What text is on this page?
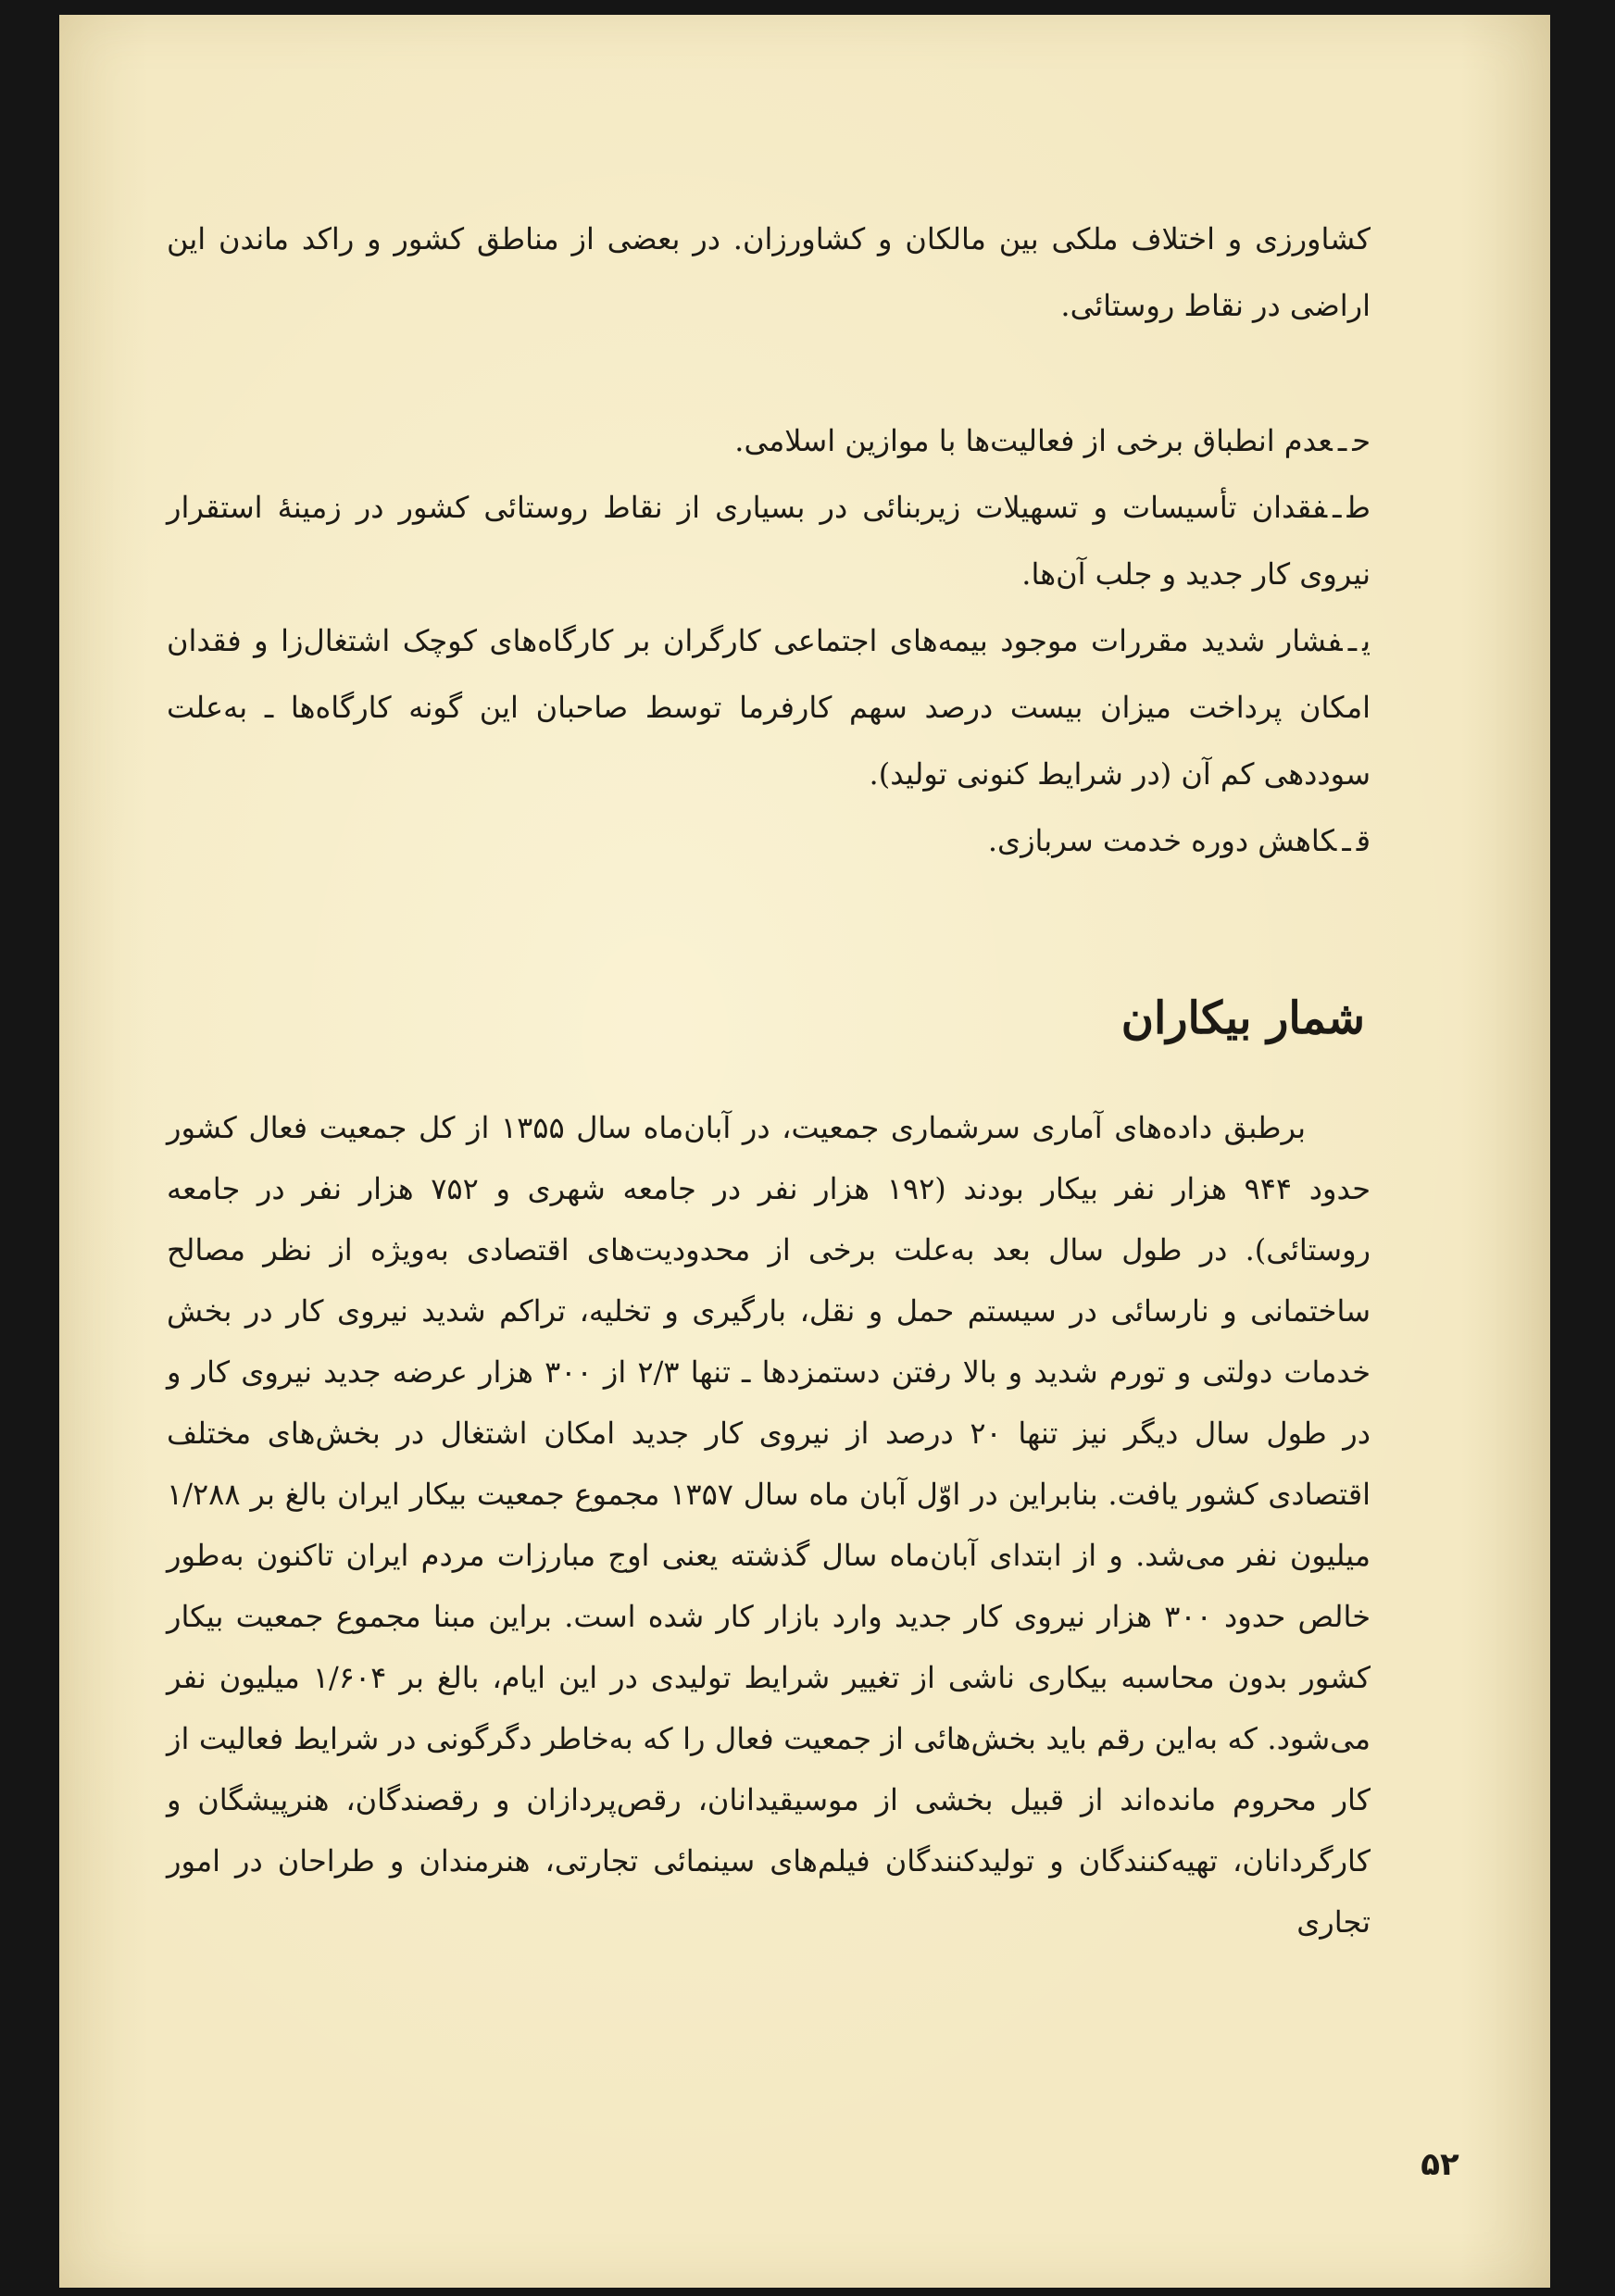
کشاورزی و اختلاف ملکی بین مالکان و کشاورزان. در بعضی از مناطق کشور و راکد ماندن این اراضی در نقاط روستائی.

حـعدم انطباق برخی از فعالیت‌ها با موازین اسلامی.

طـفقدان تأسیسات و تسهیلات زیربنائی در بسیاری از نقاط روستائی کشور در زمینهٔ استقرار نیروی کار جدید و جلب آن‌ها.

یـفشار شدید مقررات موجود بیمه‌های اجتماعی کارگران بر کارگاه‌های کوچک اشتغال‌زا و فقدان امکان پرداخت میزان بیست درصد سهم کارفرما توسط صاحبان این گونه کارگاه‌ها ـ به‌علت سوددهی کم آن (در شرایط کنونی تولید).

قـکاهش دوره خدمت سربازی.

شمار بیکاران

برطبق داده‌های آماری سرشماری جمعیت، در آبان‌ماه سال ۱۳۵۵ از کل جمعیت فعال کشور حدود ۹۴۴ هزار نفر بیکار بودند (۱۹۲ هزار نفر در جامعه شهری و ۷۵۲ هزار نفر در جامعه روستائی). در طول سال بعد به‌علت برخی از محدودیت‌های اقتصادی به‌ویژه از نظر مصالح ساختمانی و نارسائی در سیستم حمل و نقل، بارگیری و تخلیه، تراکم شدید نیروی کار در بخش خدمات دولتی و تورم شدید و بالا رفتن دستمزدها ـ تنها ۲/۳ از ۳۰۰ هزار عرضه جدید نیروی کار و در طول سال دیگر نیز تنها ۲۰ درصد از نیروی کار جدید امکان اشتغال در بخش‌های مختلف اقتصادی کشور یافت. بنابراین در اوّل آبان ماه سال ۱۳۵۷ مجموع جمعیت بیکار ایران بالغ بر ۱/۲۸۸ میلیون نفر می‌شد. و از ابتدای آبان‌ماه سال گذشته یعنی اوج مبارزات مردم ایران تاکنون به‌طور خالص حدود ۳۰۰ هزار نیروی کار جدید وارد بازار کار شده است. براین مبنا مجموع جمعیت بیکار کشور بدون محاسبه بیکاری ناشی از تغییر شرایط تولیدی در این ایام، بالغ بر ۱/۶۰۴ میلیون نفر می‌شود. که به‌این رقم باید بخش‌هائی از جمعیت فعال را که به‌خاطر دگرگونی در شرایط فعالیت از کار محروم مانده‌اند از قبیل بخشی از موسیقیدانان، رقص‌پردازان و رقصندگان، هنرپیشگان و کارگردانان، تهیه‌کنندگان و تولیدکنندگان فیلم‌های سینمائی تجارتی، هنرمندان و طراحان در امور تجاری

۵۲
